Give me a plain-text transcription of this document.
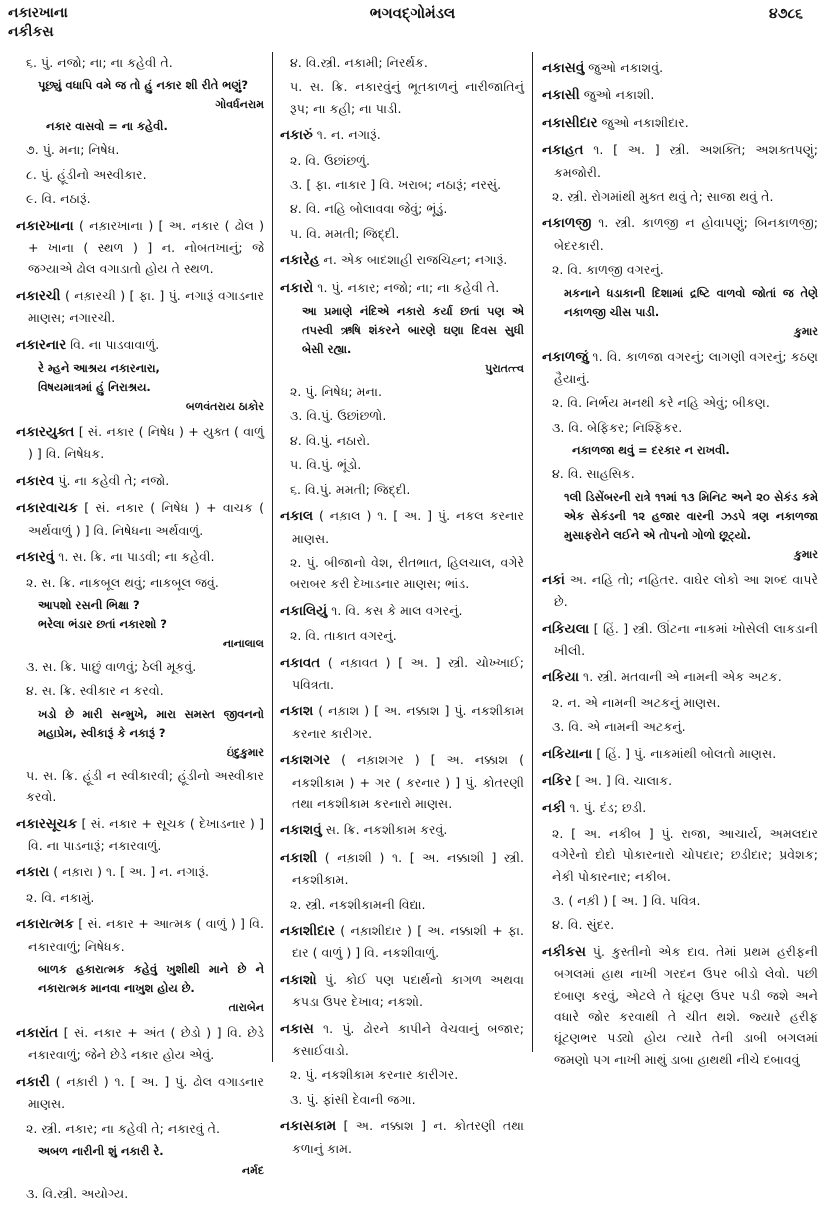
નકારખાના
નકીકસ
ભગવદ્ગોમંડલ	૪૭૮૬

૬. પું. નજો; ના; ના કહેવી તે.

પૂછ્યું વધાપિ વમે જ તો હું નકાર શી રીતે ભણું?
ગોવર્ધનરામ

નકાર વાસવો = ના કહેવી.

૭. પું. મના; નિષેધ.

૮. પું. હૂંડીનો અસ્વીકાર.

૯. વિ. નઠારૂં.

નકારખાના ( નક઼ારખાના ) [ અ. નકાર ( ઢોલ ) + ખાના ( સ્થળ ) ] ન. નોબતખાનું; જે જગ્યાએ ઢોલ વગાડાતો હોય તે સ્થળ.

નકારચી ( નક઼ારચી ) [ ફા. ] પું. નગારૂં વગાડનાર માણસ; નગારચી.

નકારનાર વિ. ના પાડવાવાળું.

રે મ્હને આશ્રય નકારનારા,
વિષયમાત્રમાં હું નિરાશ્રય.
બળવંતરાય ઠાકોર

નકારયુક્ત [ સં. નકાર ( નિષેધ ) + યુક્ત ( વાળું ) ] વિ. નિષેધક.

નકારવ પું. ના કહેવી તે; નજો.

નકારવાચક [ સં. નકાર ( નિષેધ ) + વાચક ( અર્થવાળું ) ] વિ. નિષેધના અર્થવાળું.

નકારવું ૧. સ. ક્રિ. ના પાડવી; ના કહેવી.

૨. સ. ક્રિ. નાકબૂલ થવું; નાકબૂલ જવું.

આપશો રસની ભિક્ષા ?
ભરેલા ભંડાર છતાં નકારશો ?
નાનાલાલ

૩. સ. ક્રિ. પાછું વાળવું; ઠેલી મૂકવું.

૪. સ. ક્રિ. સ્વીકાર ન કરવો.

ખડો છે મારી સન્મુખે, મારા સમસ્ત જીવનનો મહાપ્રેમ, સ્વીકારૂં કે નકારૂં ?
ઇંદુકુમાર

૫. સ. ક્રિ. હૂંડી ન સ્વીકારવી; હૂંડીનો અસ્વીકાર કરવો.

નકારસૂચક [ સં. નકાર + સૂચક ( દેખાડનાર ) ] વિ. ના પાડનારૂં; નકારવાળું.

નકારા ( નક઼ારા ) ૧. [ અ. ] ન. નગારૂં.

૨. વિ. નકામું.

નકારાત્મક [ સં. નકાર + આત્મક ( વાળું ) ] વિ. નકારવાળું; નિષેધક.

બાળક હકારાત્મક કહેવું ખુશીથી માને છે ને નકારાત્મક માનવા નાખુશ હોય છે.
તારાબેન

નકારાંત [ સં. નકાર + અંત ( છેડો ) ] વિ. છેડે નકારવાળું; જેને છેડે નકાર હોય એવું.

નકારી ( નક઼ારી ) ૧. [ અ. ] પું. ઢોલ વગાડનાર માણસ.

૨. સ્ત્રી. નકાર; ના કહેવી તે; નકારવું તે.

અબળ નારીની શું નકારી રે.
નર્મદ

૩. વિ.સ્ત્રી. અયોગ્ય.

૪. વિ.સ્ત્રી. નકામી; નિરર્થક.

૫. સ. ક્રિ. નકારવુંનું ભૂતકાળનું નારીજાતિનું રૂપ; ના કહી; ના પાડી.

નકારું ૧. ન. નગારૂં.

૨. વિ. ઉછાંછળું.

૩. [ ફા. નાકાર ] વિ. ખરાબ; નઠારૂં; નરસું.

૪. વિ. નહિ બોલાવવા જેવું; ભૂંડું.

૫. વિ. મમતી; જિદ્દી.

નકારેહ ન. એક બાદશાહી રાજચિહ્ન; નગારૂં.

નકારો ૧. પું. નકાર; નજો; ના; ના કહેવી તે.

આ પ્રમાણે નંદિએ નકારો કર્યા છતાં પણ એ તપસ્વી ઋષિ શંકરને બારણે ઘણા દિવસ સુધી બેસી રહ્યા.
પુરાતત્ત્વ

૨. પું. નિષેધ; મના.

૩. વિ.પું. ઉછાંછળો.

૪. વિ.પું. નઠારો.

૫. વિ.પું. ભૂંડો.

૬. વિ.પું. મમતી; જિદ્દી.

નકાલ ( નક઼ાલ ) ૧. [ અ. ] પું. નકલ કરનાર માણસ.

૨. પું. બીજાનો વેશ, રીતભાત, હિલચાલ, વગેરે બરાબર કરી દેખાડનાર માણસ; ભાંડ.

નકાલિયું ૧. વિ. કસ કે માલ વગરનું.

૨. વિ. તાકાત વગરનું.

નકાવત ( નક઼ાવત ) [ અ. ] સ્ત્રી. ચોખ્ખાઈ; પવિત્રતા.

નકાશ ( નક઼ાશ ) [ અ. નક્કાશ ] પું. નકશીકામ કરનાર કારીગર.

નકાશગર ( નક઼ાશગર ) [ અ. નક્કાશ ( નકશીકામ ) + ગર ( કરનાર ) ] પું. કોતરણી તથા નકશીકામ કરનારો માણસ.

નકાશવું સ. ક્રિ. નકશીકામ કરવું.

નકાશી ( નક઼ાશી ) ૧. [ અ. નક્કાશી ] સ્ત્રી. નકશીકામ.

૨. સ્ત્રી. નકશીકામની વિદ્યા.

નકાશીદાર ( નક઼ાશીદાર ) [ અ. નક્કાશી + ફા. દાર ( વાળું ) ] વિ. નકશીવાળું.

નકાશો પું. કોઈ પણ પદાર્થનો કાગળ અથવા કપડા ઉપર દેખાવ; નકશો.

નકાસ ૧. પું. ઢોરને કાપીને વેચવાનું બજાર; કસાઈવાડો.

૨. પું. નકશીકામ કરનાર કારીગર.

૩. પું. ફાંસી દેવાની જગા.

નકાસકામ [ અ. નક્કાશ ] ન. કોતરણી તથા કળાનું કામ.

નકાસવું જુઓ નકાશવું.

નકાસી જુઓ નકાશી.

નકાસીદાર જુઓ નકાશીદાર.

નકાહત ૧. [ અ. ] સ્ત્રી. અશક્તિ; અશક્તપણું; કમજોરી.

૨. સ્ત્રી. રોગમાંથી મુક્ત થવું તે; સાજા થવું તે.

નકાળજી ૧. સ્ત્રી. કાળજી ન હોવાપણું; બિનકાળજી; બેદરકારી.

૨. વિ. કાળજી વગરનું.

મકનાને ધડાકાની દિશામાં દ્રષ્ટિ વાળવો જોતાં જ તેણે નકાળજી ચીસ પાડી.
કુમાર

નકાળજું ૧. વિ. કાળજા વગરનું; લાગણી વગરનું; કઠણ હૈયાનું.

૨. વિ. નિર્ભય મનથી કરે નહિ એવું; બીકણ.

૩. વિ. બેફિકર; નિશ્ફિકર.

નકાળજા થવું = દરકાર ન રાખવી.

૪. વિ. સાહસિક.

૧લી ડિસેંબરની રાત્રે ૧૧માં ૧૩ મિનિટ અને ૨૦ સેકંડ કમે એક સેકંડની ૧૨ હજાર વારની ઝડપે ત્રણ નકાળજા મુસાફરોને લઈને એ તોપનો ગોળો છૂટ્યો.
કુમાર

નકાં અ. નહિ તો; નહિતર. વાઘેર લોકો આ શબ્દ વાપરે છે.

નકિયલા [ હિં. ] સ્ત્રી. ઊંટના નાકમાં ખોસેલી લાકડાની ખીલી.

નકિયા ૧. સ્ત્રી. મતવાની એ નામની એક અટક.

૨. ન. એ નામની અટકનું માણસ.

૩. વિ. એ નામની અટકનું.

નકિયાના [ હિં. ] પું. નાકમાંથી બોલતો માણસ.

નકિર [ અ. ] વિ. ચાલાક.

નકી ૧. પું. દંડ; છડી.

૨. [ અ. નકીબ ] પું. રાજા, આચાર્ય, અમલદાર વગેરેનો દોદો પોકારનારો ચોપદાર; છડીદાર; પ્રવેશક; નેકી પોકારનાર; નકીબ.

૩. ( નક઼ી ) [ અ. ] વિ. પવિત્ર.

૪. વિ. સુંદર.

નકીકસ પું. કુસ્તીનો એક દાવ. તેમાં પ્રથમ હરીફની બગલમાં હાથ નાખી ગરદન ઉપર બીડો લેવો. પછી દબાણ કરવું, એટલે તે ઘૂંટણ ઉપર પડી જશે અને વધારે જોર કરવાથી તે ચીત થશે. જ્યારે હરીફ ઘૂંટણભર પડ્યો હોય ત્યારે તેની ડાબી બગલમાં જમણો પગ નાખી માથું ડાબા હાથથી નીચે દબાવવું
